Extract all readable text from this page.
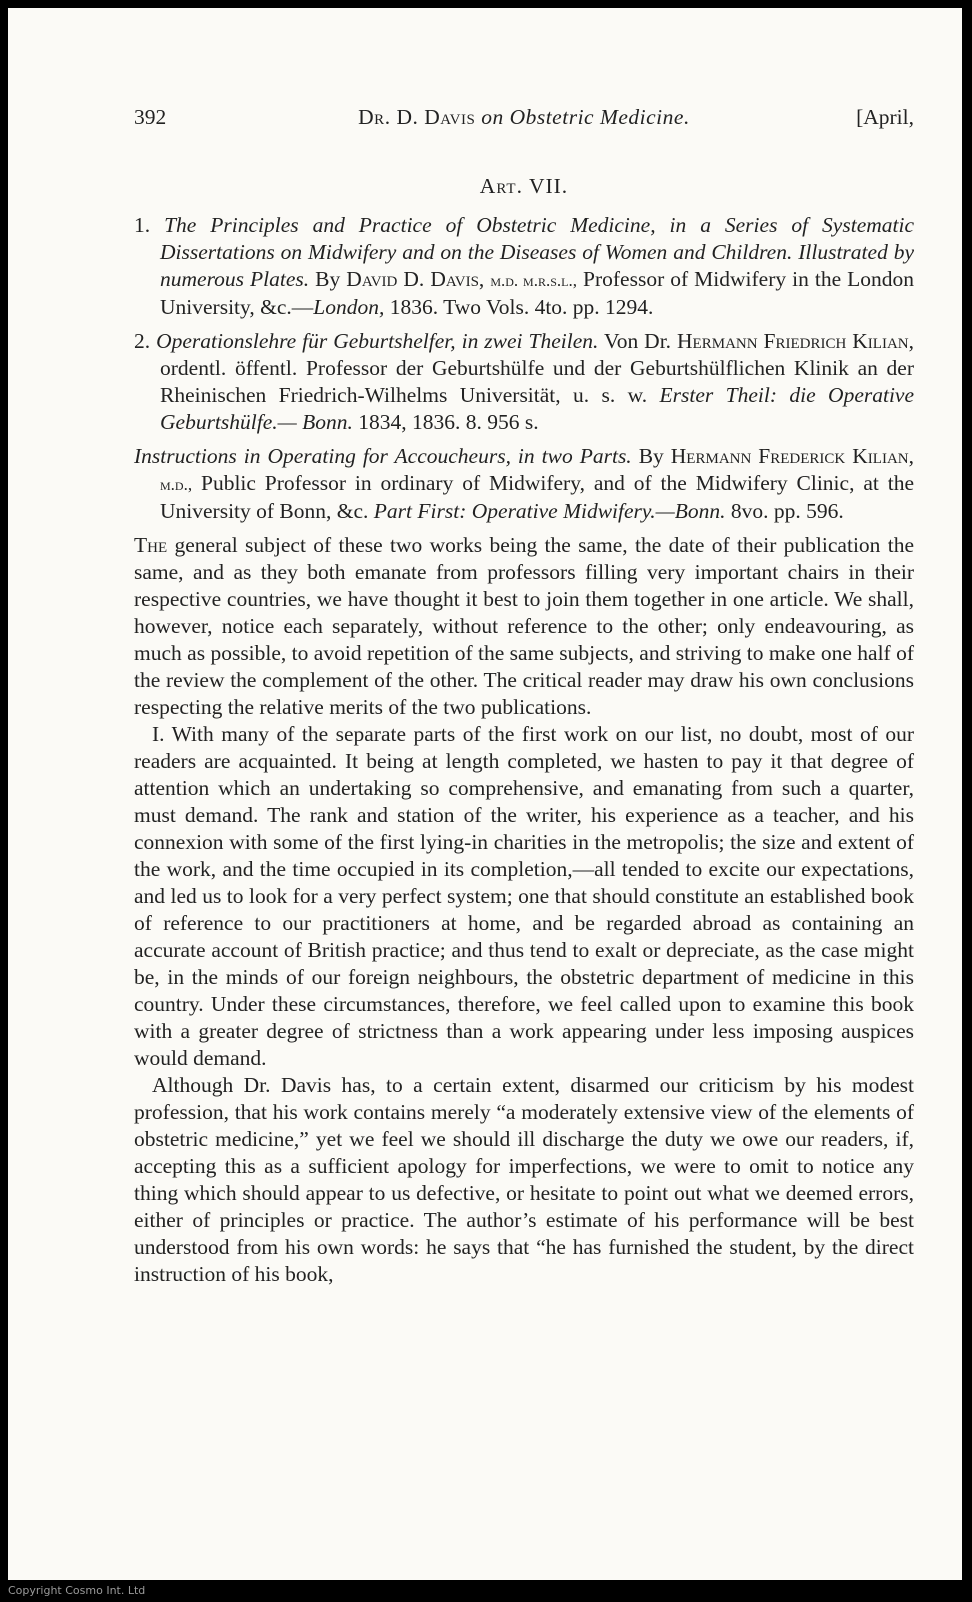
392	Dr. D. Davis on Obstetric Medicine.	[April,
Art. VII.
1. The Principles and Practice of Obstetric Medicine, in a Series of Systematic Dissertations on Midwifery and on the Diseases of Women and Children. Illustrated by numerous Plates. By David D. Davis, m.d. m.r.s.l., Professor of Midwifery in the London University, &c.—London, 1836. Two Vols. 4to. pp. 1294.
2. Operationslehre für Geburtshelfer, in zwei Theilen. Von Dr. Hermann Friedrich Kilian, ordentl. öffentl. Professor der Geburtshülfe und der Geburtshülflichen Klinik an der Rheinischen Friedrich-Wilhelms Universität, u. s. w. Erster Theil: die Operative Geburtshülfe.— Bonn. 1834, 1836. 8. 956 s.
Instructions in Operating for Accoucheurs, in two Parts. By Hermann Frederick Kilian, m.d., Public Professor in ordinary of Midwifery, and of the Midwifery Clinic, at the University of Bonn, &c. Part First: Operative Midwifery.—Bonn. 8vo. pp. 596.
The general subject of these two works being the same, the date of their publication the same, and as they both emanate from professors filling very important chairs in their respective countries, we have thought it best to join them together in one article. We shall, however, notice each separately, without reference to the other; only endeavouring, as much as possible, to avoid repetition of the same subjects, and striving to make one half of the review the complement of the other. The critical reader may draw his own conclusions respecting the relative merits of the two publications.
I. With many of the separate parts of the first work on our list, no doubt, most of our readers are acquainted. It being at length completed, we hasten to pay it that degree of attention which an undertaking so comprehensive, and emanating from such a quarter, must demand. The rank and station of the writer, his experience as a teacher, and his connexion with some of the first lying-in charities in the metropolis; the size and extent of the work, and the time occupied in its completion,—all tended to excite our expectations, and led us to look for a very perfect system; one that should constitute an established book of reference to our practitioners at home, and be regarded abroad as containing an accurate account of British practice; and thus tend to exalt or depreciate, as the case might be, in the minds of our foreign neighbours, the obstetric department of medicine in this country. Under these circumstances, therefore, we feel called upon to examine this book with a greater degree of strictness than a work appearing under less imposing auspices would demand.
Although Dr. Davis has, to a certain extent, disarmed our criticism by his modest profession, that his work contains merely “a moderately extensive view of the elements of obstetric medicine,” yet we feel we should ill discharge the duty we owe our readers, if, accepting this as a sufficient apology for imperfections, we were to omit to notice any thing which should appear to us defective, or hesitate to point out what we deemed errors, either of principles or practice. The author’s estimate of his performance will be best understood from his own words: he says that “he has furnished the student, by the direct instruction of his book,
Copyright Cosmo Int. Ltd
